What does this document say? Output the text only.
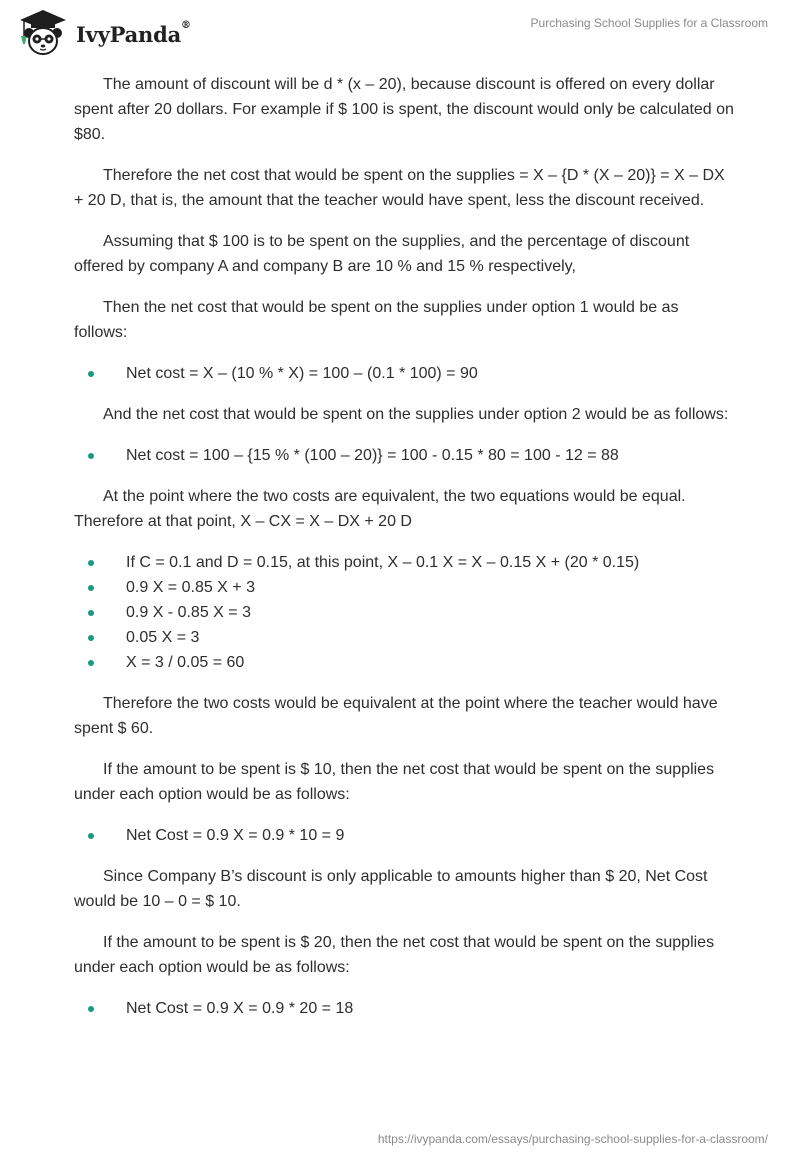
IvyPanda®	Purchasing School Supplies for a Classroom

The amount of discount will be d * (x – 20), because discount is offered on every dollar spent after 20 dollars. For example if $ 100 is spent, the discount would only be calculated on $80.

Therefore the net cost that would be spent on the supplies = X – {D * (X – 20)} = X – DX + 20 D, that is, the amount that the teacher would have spent, less the discount received.

Assuming that $ 100 is to be spent on the supplies, and the percentage of discount offered by company A and company B are 10 % and 15 % respectively,

Then the net cost that would be spent on the supplies under option 1 would be as follows:

Net cost = X – (10 % * X) = 100 – (0.1 * 100) = 90

And the net cost that would be spent on the supplies under option 2 would be as follows:

Net cost = 100 – {15 % * (100 – 20)} = 100 - 0.15 * 80 = 100 - 12 = 88

At the point where the two costs are equivalent, the two equations would be equal. Therefore at that point, X – CX = X – DX + 20 D

If C = 0.1 and D = 0.15, at this point, X – 0.1 X = X – 0.15 X + (20 * 0.15)
0.9 X = 0.85 X + 3
0.9 X - 0.85 X = 3
0.05 X = 3
X = 3 / 0.05 = 60

Therefore the two costs would be equivalent at the point where the teacher would have spent $ 60.

If the amount to be spent is $ 10, then the net cost that would be spent on the supplies under each option would be as follows:

Net Cost = 0.9 X = 0.9 * 10 = 9

Since Company B’s discount is only applicable to amounts higher than $ 20, Net Cost would be 10 – 0 = $ 10.

If the amount to be spent is $ 20, then the net cost that would be spent on the supplies under each option would be as follows:

Net Cost = 0.9 X = 0.9 * 20 = 18
https://ivypanda.com/essays/purchasing-school-supplies-for-a-classroom/
